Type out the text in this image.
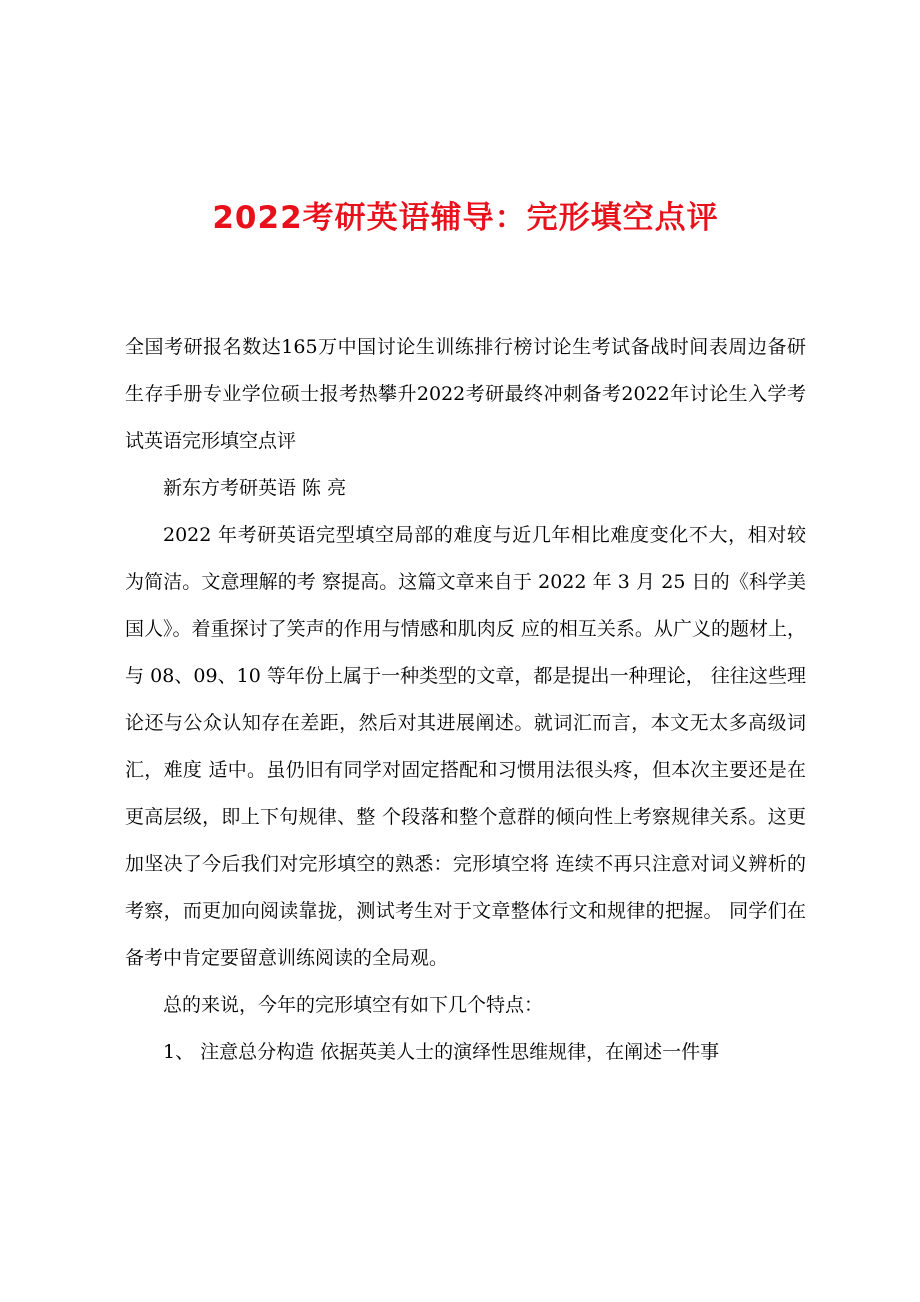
2022考研英语辅导：完形填空点评

全国考研报名数达165万中国讨论生训练排行榜讨论生考试备战时间表周边备研生存手册专业学位硕士报考热攀升2022考研最终冲刺备考2022年讨论生入学考试英语完形填空点评

新东方考研英语 陈 亮

2022 年考研英语完型填空局部的难度与近几年相比难度变化不大，相对较为简洁。文意理解的考 察提高。这篇文章来自于 2022 年 3 月 25 日的《科学美国人》。着重探讨了笑声的作用与情感和肌肉反 应的相互关系。从广义的题材上，与 08、09、10 等年份上属于一种类型的文章，都是提出一种理论， 往往这些理论还与公众认知存在差距，然后对其进展阐述。就词汇而言，本文无太多高级词汇，难度 适中。虽仍旧有同学对固定搭配和习惯用法很头疼，但本次主要还是在更高层级，即上下句规律、整 个段落和整个意群的倾向性上考察规律关系。这更加坚决了今后我们对完形填空的熟悉：完形填空将 连续不再只注意对词义辨析的考察，而更加向阅读靠拢，测试考生对于文章整体行文和规律的把握。 同学们在备考中肯定要留意训练阅读的全局观。

总的来说，今年的完形填空有如下几个特点：

1、 注意总分构造 依据英美人士的演绎性思维规律，在阐述一件事
